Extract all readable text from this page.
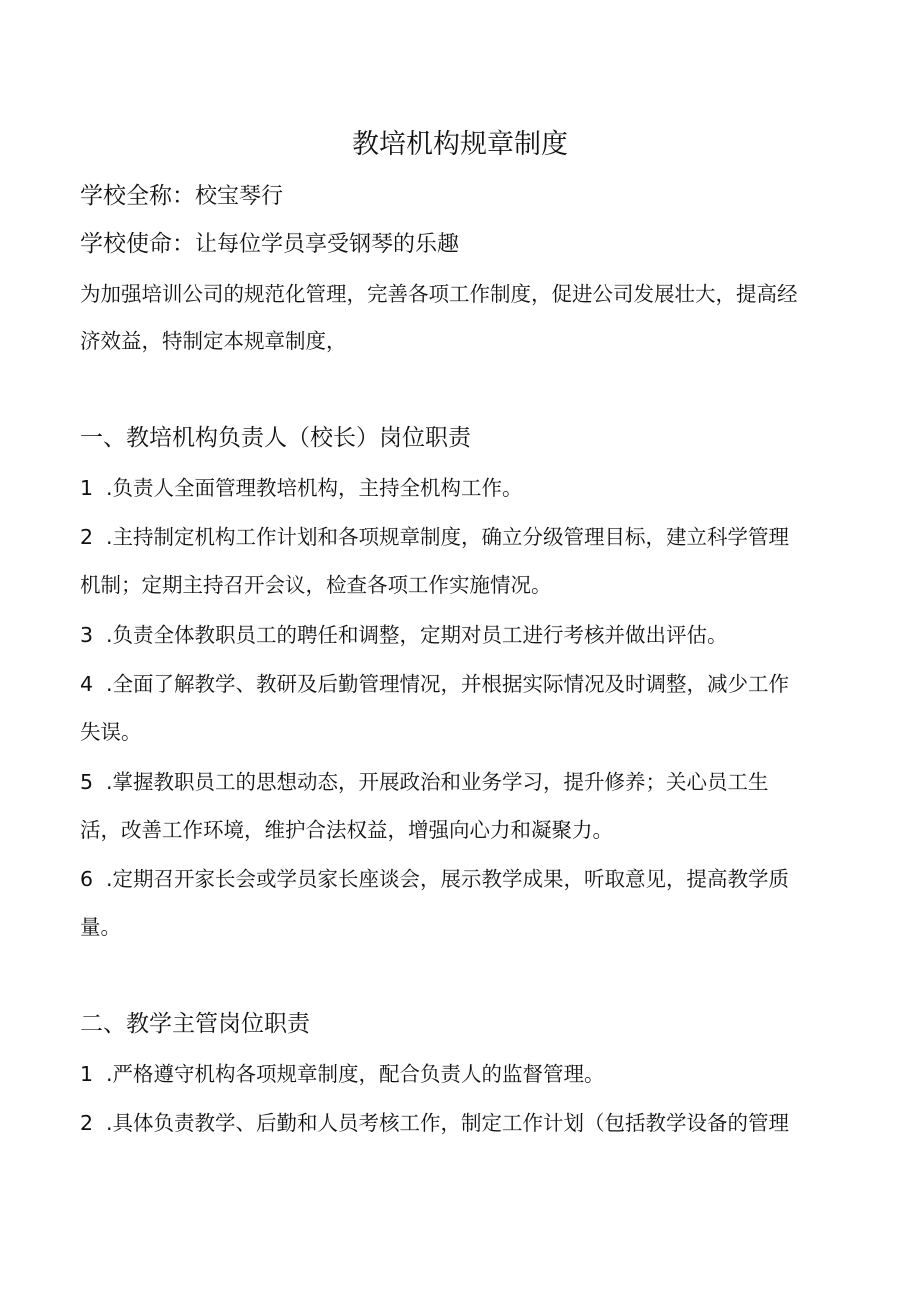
教培机构规章制度
学校全称：校宝琴行
学校使命：让每位学员享受钢琴的乐趣
为加强培训公司的规范化管理，完善各项工作制度，促进公司发展壮大，提高经
济效益，特制定本规章制度，
一、教培机构负责人（校长）岗位职责
1 .负责人全面管理教培机构，主持全机构工作。
2 .主持制定机构工作计划和各项规章制度，确立分级管理目标，建立科学管理
机制；定期主持召开会议，检查各项工作实施情况。
3 .负责全体教职员工的聘任和调整，定期对员工进行考核并做出评估。
4 .全面了解教学、教研及后勤管理情况，并根据实际情况及时调整，减少工作
失误。
5 .掌握教职员工的思想动态，开展政治和业务学习，提升修养；关心员工生
活，改善工作环境，维护合法权益，增强向心力和凝聚力。
6 .定期召开家长会或学员家长座谈会，展示教学成果，听取意见，提高教学质
量。
二、教学主管岗位职责
1 .严格遵守机构各项规章制度，配合负责人的监督管理。
2 .具体负责教学、后勤和人员考核工作，制定工作计划（包括教学设备的管理
